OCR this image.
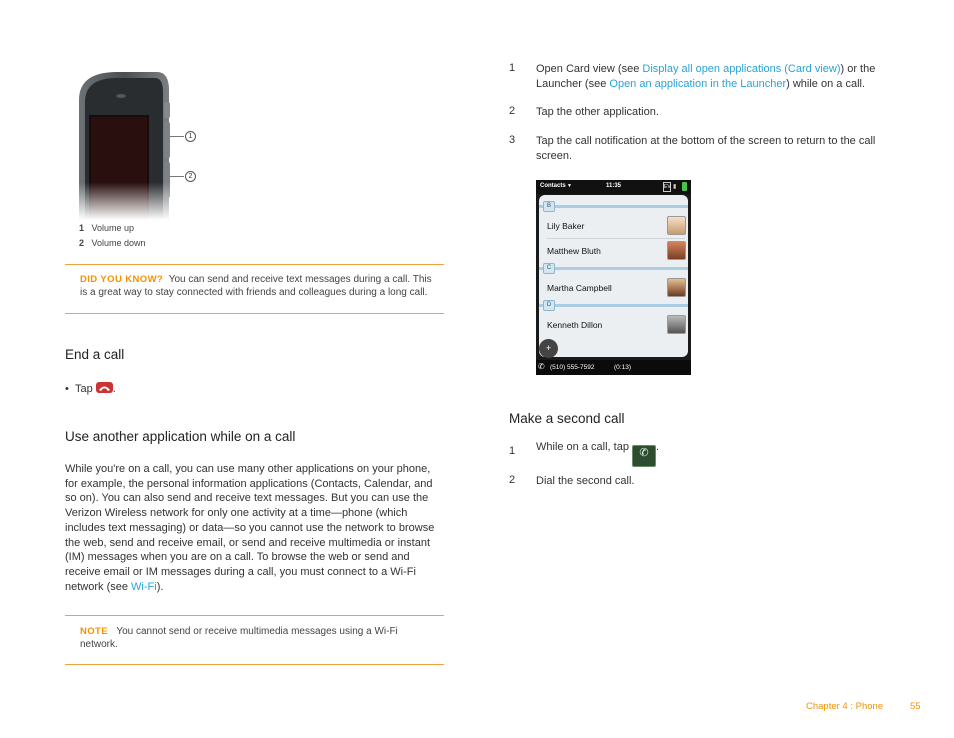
1
2
1 Volume up
2 Volume down
DID YOU KNOW? You can send and receive text messages during a call. This
is a great way to stay connected with friends and colleagues during a long call.
End a call
• Tap .
Use another application while on a call
While you're on a call, you can use many other applications on your phone,
for example, the personal information applications (Contacts, Calendar, and
so on). You can also send and receive text messages. But you can use the
Verizon Wireless network for only one activity at a time—phone (which
includes text messaging) or data—so you cannot use the network to browse
the web, send and receive email, or send and receive multimedia or instant
(IM) messages when you are on a call. To browse the web or send and
receive email or IM messages during a call, you must connect to a Wi-Fi
network (see Wi-Fi).
NOTE You cannot send or receive multimedia messages using a Wi-Fi
network.
1 Open Card view (see Display all open applications (Card view)) or the
Launcher (see Open an application in the Launcher) while on a call.
2 Tap the other application.
3 Tap the call notification at the bottom of the screen to return to the call
screen.
Contacts ▼	11:35	EV ▮
B
Lily Baker
Matthew Bluth
C
Martha Campbell
D
Kenneth Dillon
+
✆ (510) 555-7592	(0:13)
Make a second call
1 While on a call, tap ✆ .
2 Dial the second call.
Chapter 4 : Phone	55
